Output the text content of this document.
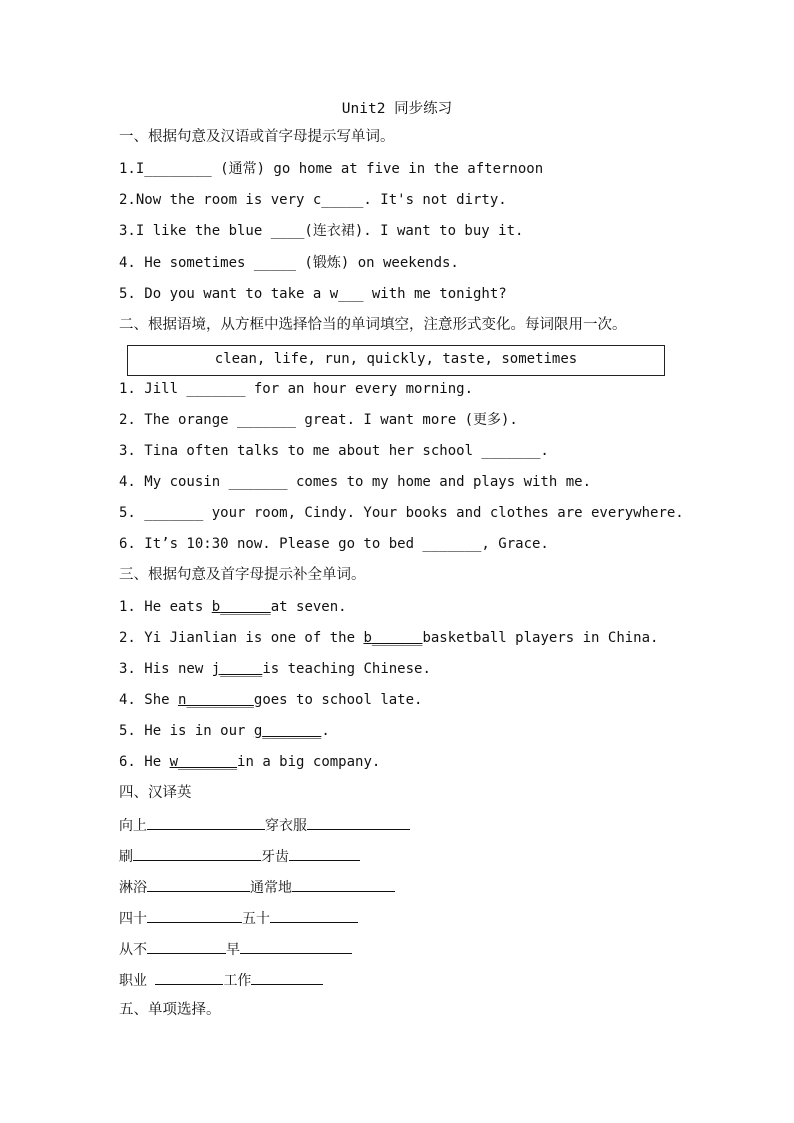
Unit2 同步练习
一、根据句意及汉语或首字母提示写单词。
1.I________ (通常) go home at five in the afternoon
2.Now the room is very c_____. It's not dirty.
3.I like the blue ____(连衣裙). I want to buy it.
4. He sometimes _____ (锻炼) on weekends.
5. Do you want to take a w___ with me tonight?
二、根据语境，从方框中选择恰当的单词填空，注意形式变化。每词限用一次。
clean, life, run, quickly, taste, sometimes
1. Jill _______ for an hour every morning.
2. The orange _______ great. I want more (更多).
3. Tina often talks to me about her school _______.
4. My cousin _______ comes to my home and plays with me.
5. _______ your room, Cindy. Your books and clothes are everywhere.
6. It’s 10:30 now. Please go to bed _______, Grace.
三、根据句意及首字母提示补全单词。
1. He eats b______at seven.
2. Yi Jianlian is one of the b______basketball players in China.
3. His new j_____is teaching Chinese.
4. She n________goes to school late.
5. He is in our g_______.
6. He w_______in a big company.
四、汉译英
向上	穿衣服
刷	牙齿
淋浴	通常地
四十	五十
从不	早
职业	工作
五、单项选择。
